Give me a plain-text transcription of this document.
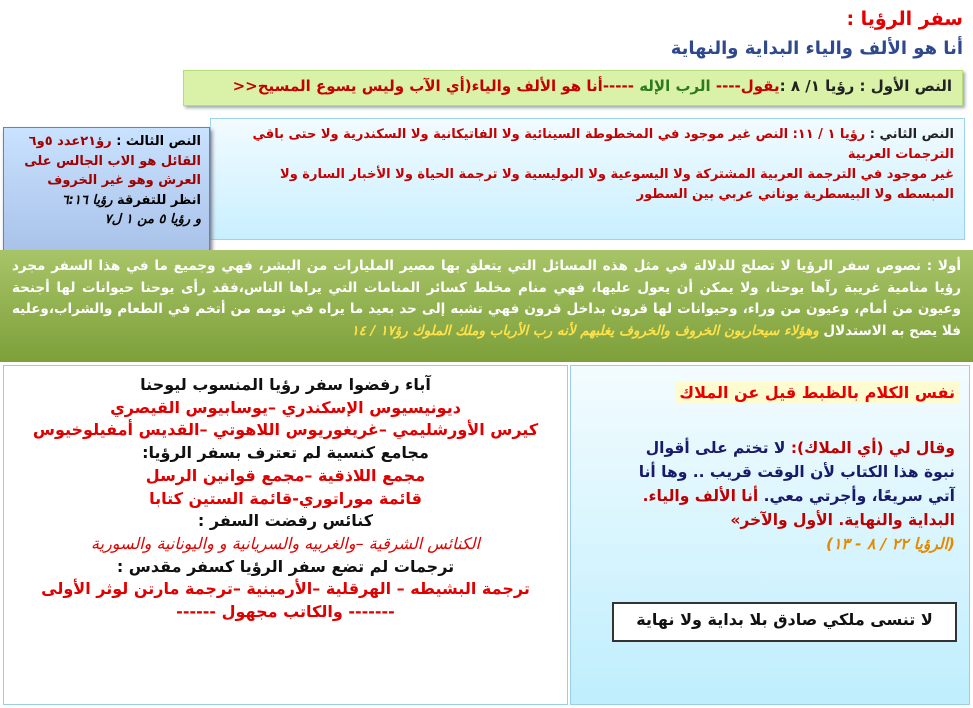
سفر الرؤيا :
أنا هو الألف والياء البداية والنهاية
النص الأول : رؤيا ١/ ٨ :يقول---- الرب الإله -----أنا هو الألف والياء(أي الآب وليس يسوع المسيح<<
النص الثاني : رؤيا ١ / ١١: النص غير موجود في المخطوطة السينائية ولا الفاتيكانية ولا السكندرية ولا حتى باقي الترجمات العربية
غير موجود في الترجمة العربية المشتركة ولا اليسوعية ولا البوليسية ولا ترجمة الحياة ولا الأخبار السارة ولا المبسطه ولا البيسطرية يوناني عربي بين السطور
النص الثالث : رؤ٢١عدد ٥و٦
القائل هو الاب الجالس على العرش وهو غير الخروف
انظر للتفرقة رؤيا ٦:١٦
و رؤيا ٥ من ١ ل٧
أولا : نصوص سفر الرؤيا لا تصلح للدلالة في مثل هذه المسائل التي يتعلق بها مصير المليارات من البشر، فهي وجميع ما في هذا السفر مجرد رؤيا منامية غريبة رآها يوحنا، ولا يمكن أن يعول عليها، فهي منام مخلط كسائر المنامات التي يراها الناس،فقد رأى يوحنا حيوانات لها أجنحة وعيون من أمام، وعيون من وراء، وحيوانات لها قرون بداخل قرون فهي تشبه إلى حد بعيد ما يراه في نومه من أتخم في الطعام والشراب،وعليه فلا يصح به الاستدلال وهؤلاء سيحاربون الخروف والخروف يغلبهم لأنه رب الأرباب وملك الملوك رؤ١٧ / ١٤
آباء رفضوا سفر رؤيا المنسوب ليوحنا
ديونيسيوس الإسكندري –يوسابيوس القيصري
كيرس الأورشليمي –غريغوريوس اللاهوتي –القديس أمفيلوخيوس
مجامع كنسية لم تعترف بسفر الرؤيا:
مجمع اللاذقية –مجمع قوانين الرسل
قائمة موراتوري-قائمة الستين كتابا
كنائس رفضت السفر :
الكنائس الشرقية –والغربيه والسريانية و واليونانية والسورية
ترجمات لم تضع سفر الرؤيا كسفر مقدس :
ترجمة البشيطه – الهرقلية –الأرمينية –ترجمة مارتن لوثر الأولى
------- والكاتب مجهول ------
نفس الكلام بالظبط قيل عن الملاك
وقال لي (أي الملاك): لا تختم على أقوال نبوة هذا الكتاب لأن الوقت قريب .. وها أنا آتي سريعًا، وأجرتي معي. أنا الألف والياء. البداية والنهاية. الأول والآخر»
(الرؤيا ٢٢ / ٨ - ١٣)
لا تنسى ملكي صادق بلا بداية ولا نهاية
